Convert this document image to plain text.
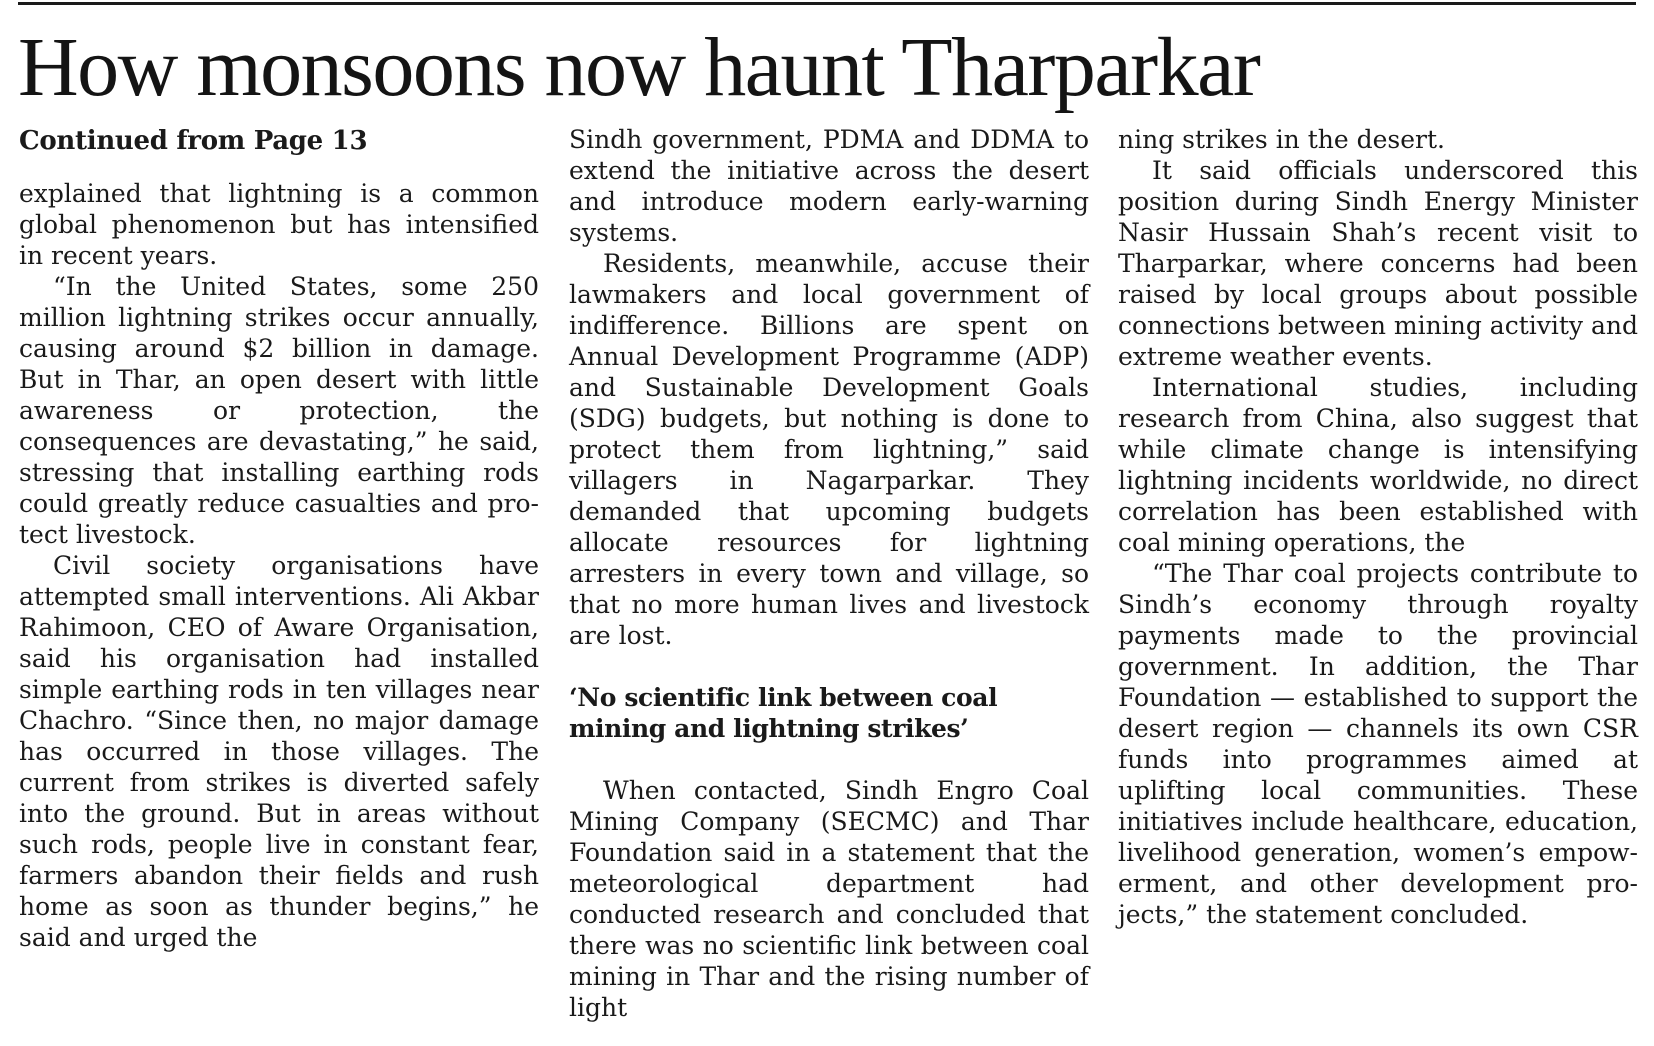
How monsoons now haunt Tharparkar
Continued from Page 13

explained that lightning is a common global phenomenon but has intensified in recent years.

“In the United States, some 250 million lightning strikes occur annually, causing around $2 billion in damage. But in Thar, an open desert with little awareness or protection, the consequences are devastating,” he said, stressing that installing earthing rods could greatly reduce casualties and protect livestock.

Civil society organisations have attempted small interventions. Ali Akbar Rahimoon, CEO of Aware Organisation, said his organisation had installed simple earthing rods in ten villages near Chachro. “Since then, no major damage has occurred in those villages. The current from strikes is diverted safely into the ground. But in areas without such rods, people live in constant fear, farmers abandon their fields and rush home as soon as thunder begins,” he said and urged the

Sindh government, PDMA and DDMA to extend the initiative across the desert and introduce modern early-warning systems.

Residents, meanwhile, accuse their lawmakers and local government of indifference. Billions are spent on Annual Development Programme (ADP) and Sustainable Development Goals (SDG) budgets, but nothing is done to protect them from lightning,” said villagers in Nagarparkar. They demanded that upcoming budgets allocate resources for lightning arresters in every town and village, so that no more human lives and livestock are lost.

‘No scientific link between coal mining and lightning strikes’

When contacted, Sindh Engro Coal Mining Company (SECMC) and Thar Foundation said in a statement that the meteorological department had conducted research and concluded that there was no scientific link between coal mining in Thar and the rising number of light

ning strikes in the desert.

It said officials underscored this position during Sindh Energy Minister Nasir Hussain Shah’s recent visit to Tharparkar, where concerns had been raised by local groups about possible connections between mining activity and extreme weather events.

International studies, including research from China, also suggest that while climate change is intensifying lightning incidents worldwide, no direct correlation has been established with coal mining operations, the

“The Thar coal projects contribute to Sindh’s economy through royalty payments made to the provincial government. In addition, the Thar Foundation — established to support the desert region — channels its own CSR funds into programmes aimed at uplifting local communities. These initiatives include healthcare, education, livelihood generation, women’s empowerment, and other development projects,” the statement concluded.
